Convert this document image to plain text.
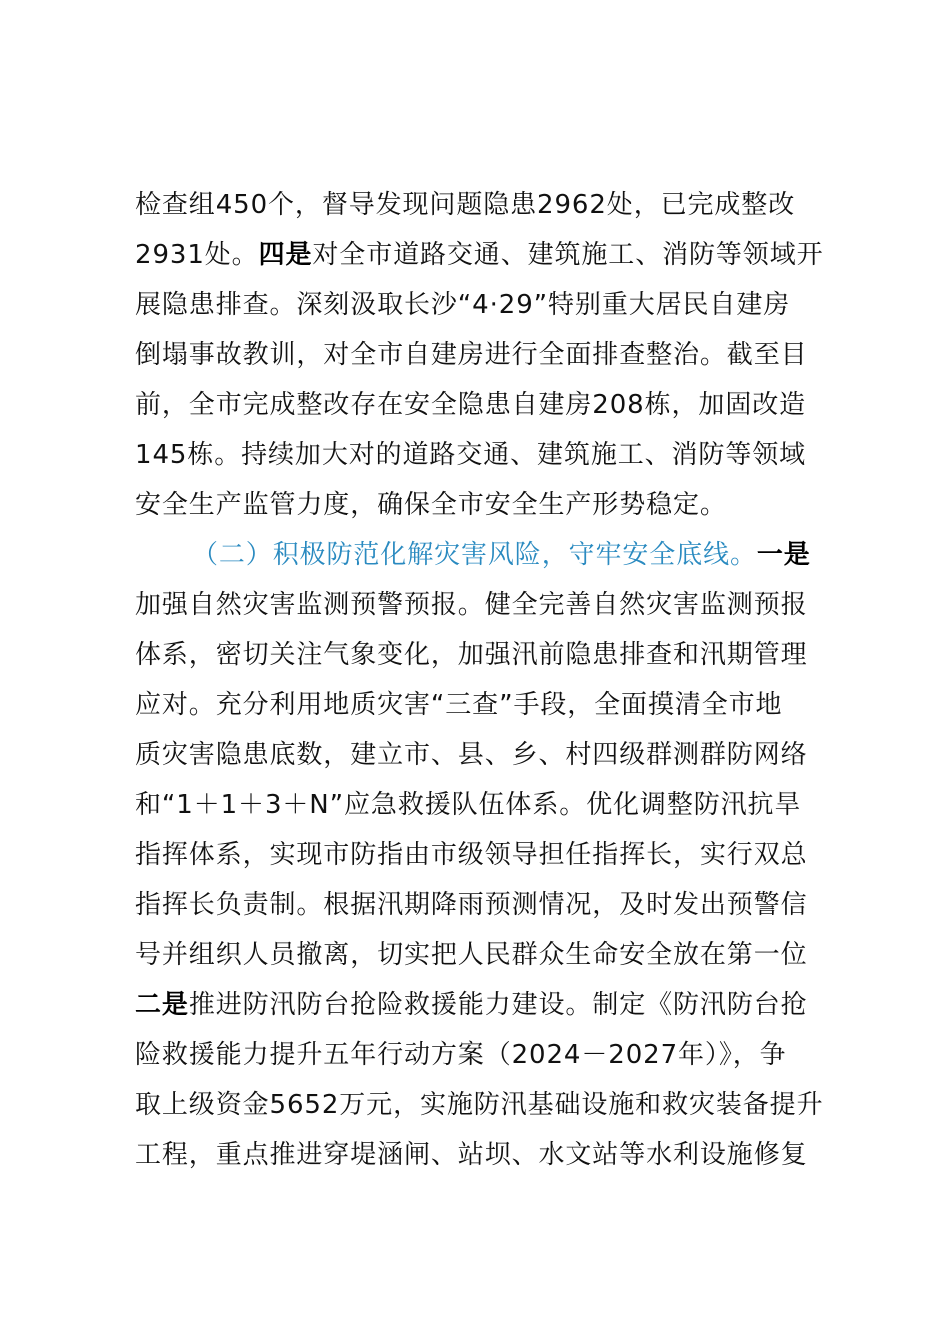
检查组450个，督导发现问题隐患2962处，已完成整改
2931处。四是对全市道路交通、建筑施工、消防等领域开
展隐患排查。深刻汲取长沙“4·29”特别重大居民自建房
倒塌事故教训，对全市自建房进行全面排查整治。截至目
前，全市完成整改存在安全隐患自建房208栋，加固改造
145栋。持续加大对的道路交通、建筑施工、消防等领域
安全生产监管力度，确保全市安全生产形势稳定。
（二）积极防范化解灾害风险，守牢安全底线。一是
加强自然灾害监测预警预报。健全完善自然灾害监测预报
体系，密切关注气象变化，加强汛前隐患排查和汛期管理
应对。充分利用地质灾害“三查”手段，全面摸清全市地
质灾害隐患底数，建立市、县、乡、村四级群测群防网络
和“1＋1＋3＋N”应急救援队伍体系。优化调整防汛抗旱
指挥体系，实现市防指由市级领导担任指挥长，实行双总
指挥长负责制。根据汛期降雨预测情况，及时发出预警信
号并组织人员撤离，切实把人民群众生命安全放在第一位
二是推进防汛防台抢险救援能力建设。制定《防汛防台抢
险救援能力提升五年行动方案（2024－2027年）》，争
取上级资金5652万元，实施防汛基础设施和救灾装备提升
工程，重点推进穿堤涵闸、站坝、水文站等水利设施修复
